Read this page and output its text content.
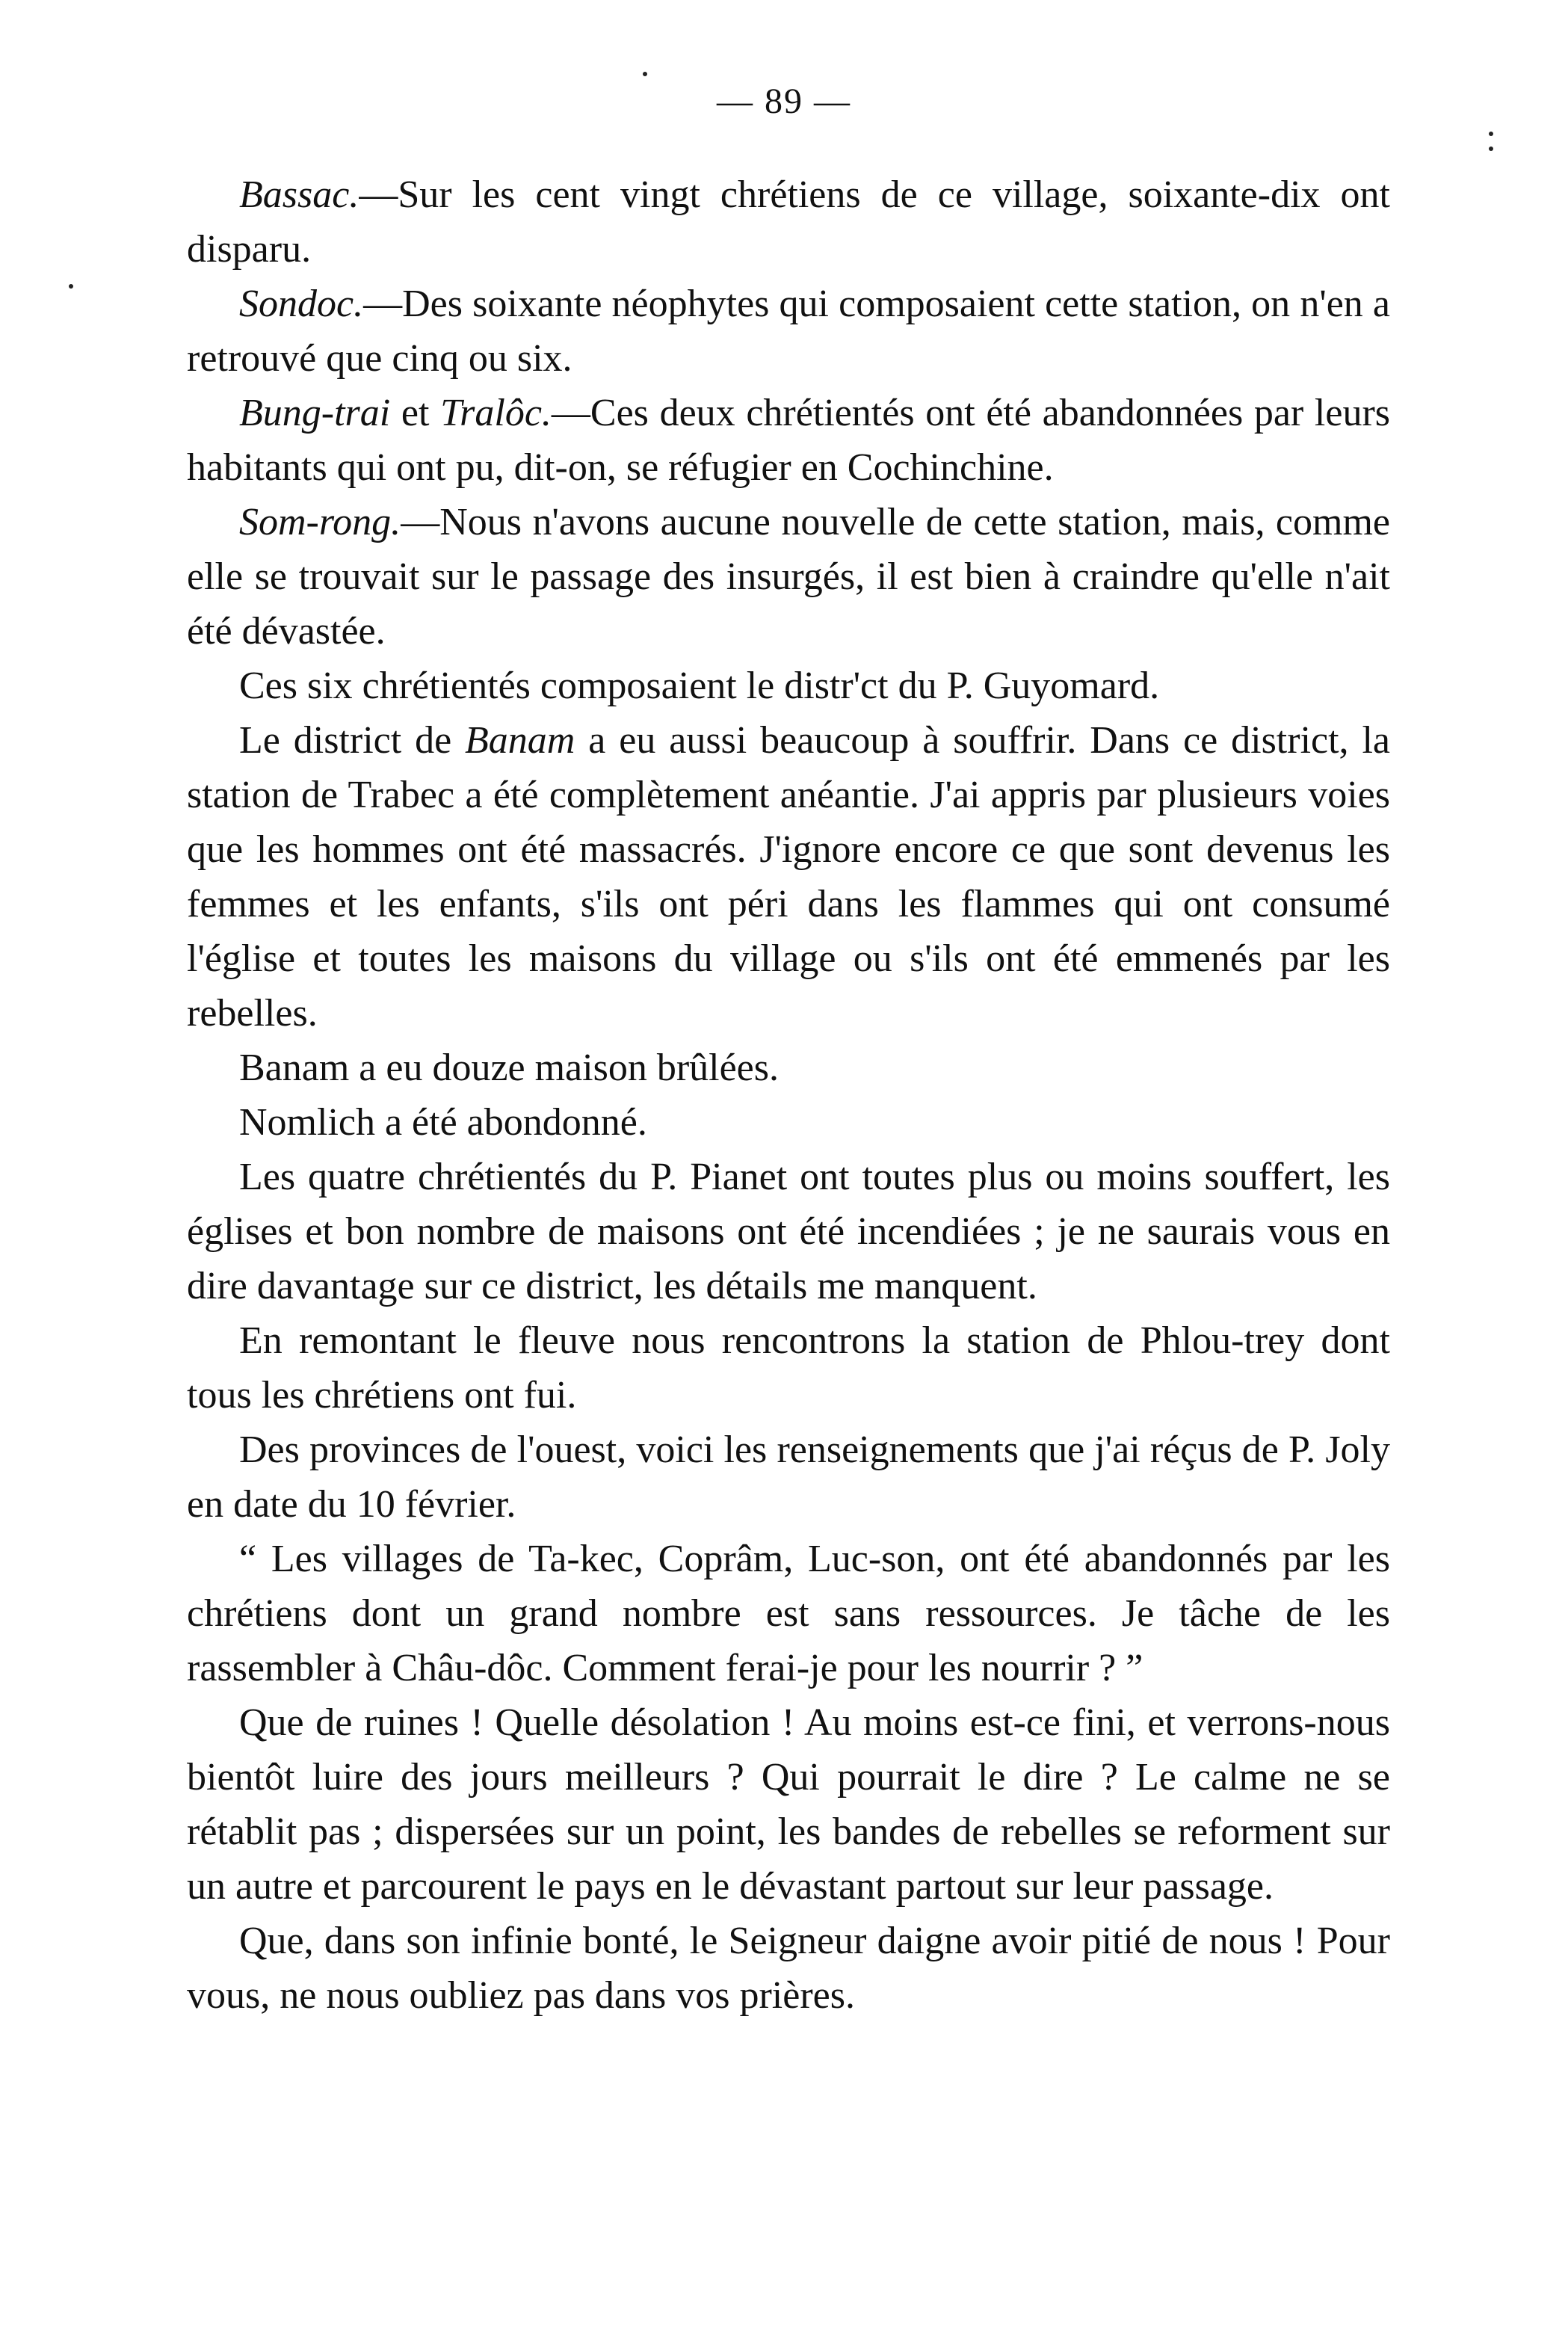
— 89 —

Bassac.—Sur les cent vingt chrétiens de ce village, soixante-dix ont disparu.

Sondoc.—Des soixante néophytes qui composaient cette station, on n'en a retrouvé que cinq ou six.

Bung-trai et Tralôc.—Ces deux chrétientés ont été abandonnées par leurs habitants qui ont pu, dit-on, se réfugier en Cochinchine.

Som-rong.—Nous n'avons aucune nouvelle de cette station, mais, comme elle se trouvait sur le passage des insurgés, il est bien à craindre qu'elle n'ait été dévastée.

Ces six chrétientés composaient le distr'ct du P. Guyomard.

Le district de Banam a eu aussi beaucoup à souffrir. Dans ce district, la station de Trabec a été complètement anéantie. J'ai appris par plusieurs voies que les hommes ont été massacrés. J'ignore encore ce que sont devenus les femmes et les enfants, s'ils ont péri dans les flammes qui ont consumé l'église et toutes les maisons du village ou s'ils ont été emmenés par les rebelles.

Banam a eu douze maison brûlées.

Nomlich a été abondonné.

Les quatre chrétientés du P. Pianet ont toutes plus ou moins souffert, les églises et bon nombre de maisons ont été incendiées ; je ne saurais vous en dire davantage sur ce district, les détails me manquent.

En remontant le fleuve nous rencontrons la station de Phlou-trey dont tous les chrétiens ont fui.

Des provinces de l'ouest, voici les renseignements que j'ai réçus de P. Joly en date du 10 février.

“ Les villages de Ta-kec, Coprâm, Luc-son, ont été abandonnés par les chrétiens dont un grand nombre est sans ressources. Je tâche de les rassembler à Châu-dôc. Comment ferai-je pour les nourrir ? ”

Que de ruines ! Quelle désolation ! Au moins est-ce fini, et verrons-nous bientôt luire des jours meilleurs ? Qui pourrait le dire ? Le calme ne se rétablit pas ; dispersées sur un point, les bandes de rebelles se reforment sur un autre et parcourent le pays en le dévastant partout sur leur passage.

Que, dans son infinie bonté, le Seigneur daigne avoir pitié de nous ! Pour vous, ne nous oubliez pas dans vos prières.
